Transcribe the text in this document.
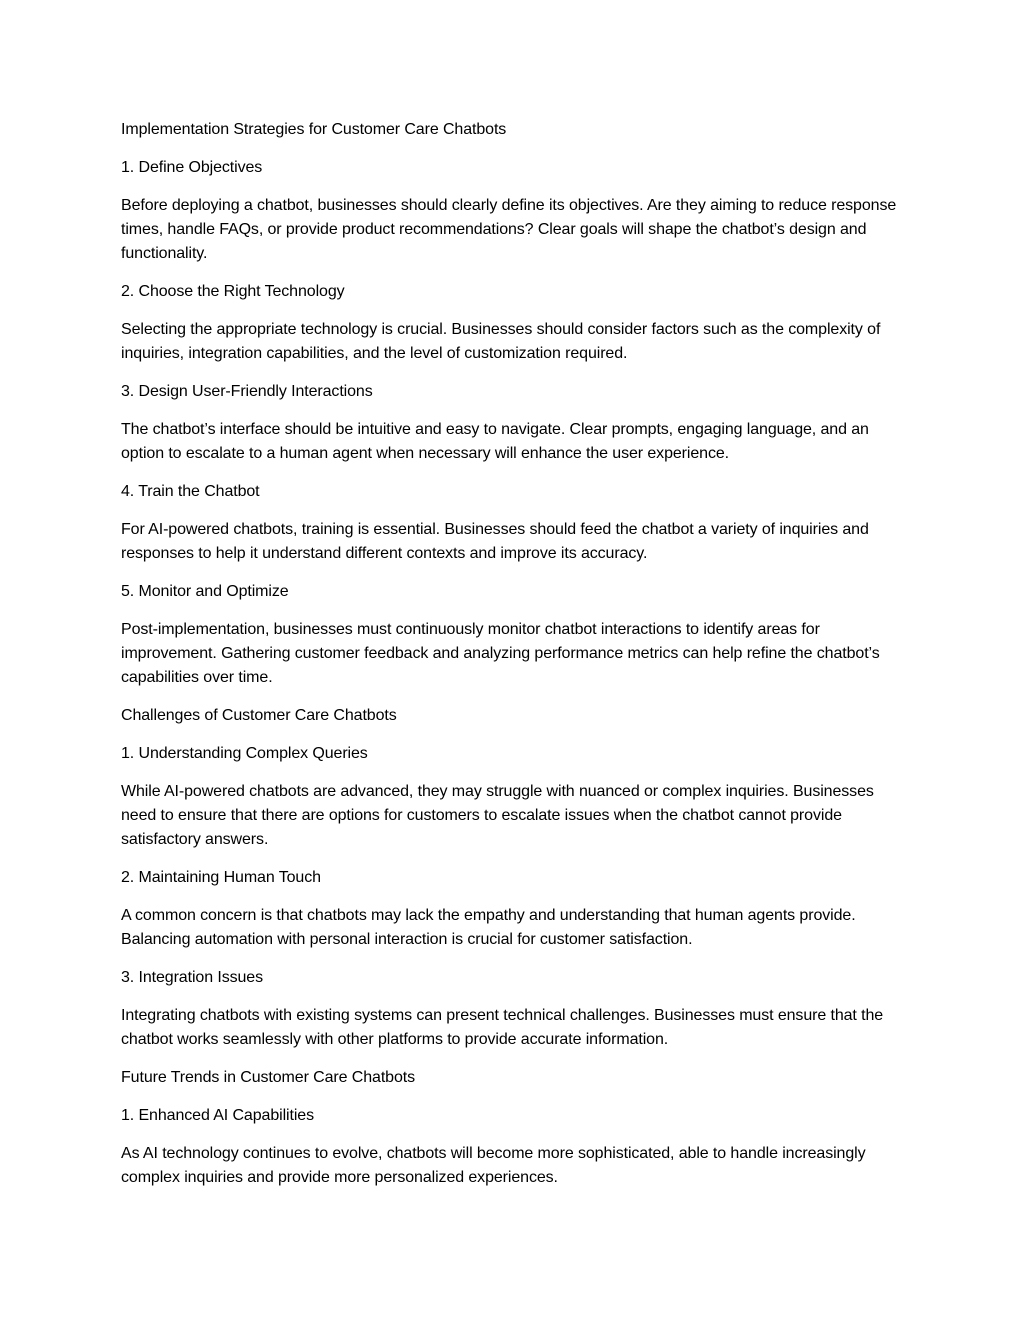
Implementation Strategies for Customer Care Chatbots

1. Define Objectives

Before deploying a chatbot, businesses should clearly define its objectives. Are they aiming to reduce response times, handle FAQs, or provide product recommendations? Clear goals will shape the chatbot’s design and functionality.

2. Choose the Right Technology

Selecting the appropriate technology is crucial. Businesses should consider factors such as the complexity of inquiries, integration capabilities, and the level of customization required.

3. Design User-Friendly Interactions

The chatbot’s interface should be intuitive and easy to navigate. Clear prompts, engaging language, and an option to escalate to a human agent when necessary will enhance the user experience.

4. Train the Chatbot

For AI-powered chatbots, training is essential. Businesses should feed the chatbot a variety of inquiries and responses to help it understand different contexts and improve its accuracy.

5. Monitor and Optimize

Post-implementation, businesses must continuously monitor chatbot interactions to identify areas for improvement. Gathering customer feedback and analyzing performance metrics can help refine the chatbot’s capabilities over time.

Challenges of Customer Care Chatbots

1. Understanding Complex Queries

While AI-powered chatbots are advanced, they may struggle with nuanced or complex inquiries. Businesses need to ensure that there are options for customers to escalate issues when the chatbot cannot provide satisfactory answers.

2. Maintaining Human Touch

A common concern is that chatbots may lack the empathy and understanding that human agents provide. Balancing automation with personal interaction is crucial for customer satisfaction.

3. Integration Issues

Integrating chatbots with existing systems can present technical challenges. Businesses must ensure that the chatbot works seamlessly with other platforms to provide accurate information.

Future Trends in Customer Care Chatbots

1. Enhanced AI Capabilities

As AI technology continues to evolve, chatbots will become more sophisticated, able to handle increasingly complex inquiries and provide more personalized experiences.
